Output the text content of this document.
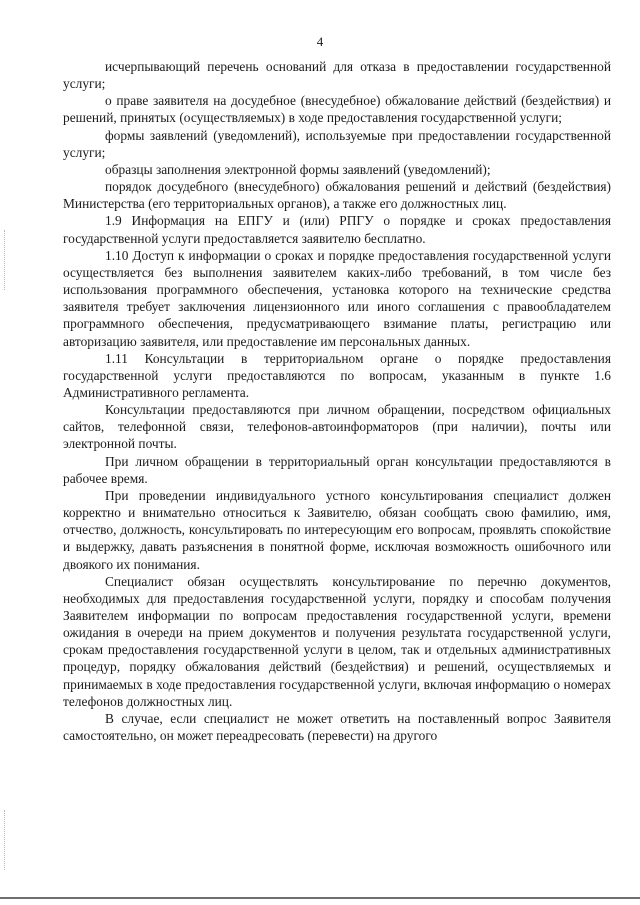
4

исчерпывающий перечень оснований для отказа в предоставлении государственной услуги;

о праве заявителя на досудебное (внесудебное) обжалование действий (бездействия) и решений, принятых (осуществляемых) в ходе предоставления государственной услуги;

формы заявлений (уведомлений), используемые при предоставлении государственной услуги;

образцы заполнения электронной формы заявлений (уведомлений);

порядок досудебного (внесудебного) обжалования решений и действий (бездействия) Министерства (его территориальных органов), а также его должностных лиц.

1.9 Информация на ЕПГУ и (или) РПГУ о порядке и сроках предоставления государственной услуги предоставляется заявителю бесплатно.

1.10 Доступ к информации о сроках и порядке предоставления государственной услуги осуществляется без выполнения заявителем каких-либо требований, в том числе без использования программного обеспечения, установка которого на технические средства заявителя требует заключения лицензионного или иного соглашения с правообладателем программного обеспечения, предусматривающего взимание платы, регистрацию или авторизацию заявителя, или предоставление им персональных данных.

1.11 Консультации в территориальном органе о порядке предоставления государственной услуги предоставляются по вопросам, указанным в пункте 1.6 Административного регламента.

Консультации предоставляются при личном обращении, посредством официальных сайтов, телефонной связи, телефонов-автоинформаторов (при наличии), почты или электронной почты.

При личном обращении в территориальный орган консультации предоставляются в рабочее время.

При проведении индивидуального устного консультирования специалист должен корректно и внимательно относиться к Заявителю, обязан сообщать свою фамилию, имя, отчество, должность, консультировать по интересующим его вопросам, проявлять спокойствие и выдержку, давать разъяснения в понятной форме, исключая возможность ошибочного или двоякого их понимания.

Специалист обязан осуществлять консультирование по перечню документов, необходимых для предоставления государственной услуги, порядку и способам получения Заявителем информации по вопросам предоставления государственной услуги, времени ожидания в очереди на прием документов и получения результата государственной услуги, срокам предоставления государственной услуги в целом, так и отдельных административных процедур, порядку обжалования действий (бездействия) и решений, осуществляемых и принимаемых в ходе предоставления государственной услуги, включая информацию о номерах телефонов должностных лиц.

В случае, если специалист не может ответить на поставленный вопрос Заявителя самостоятельно, он может переадресовать (перевести) на другого
